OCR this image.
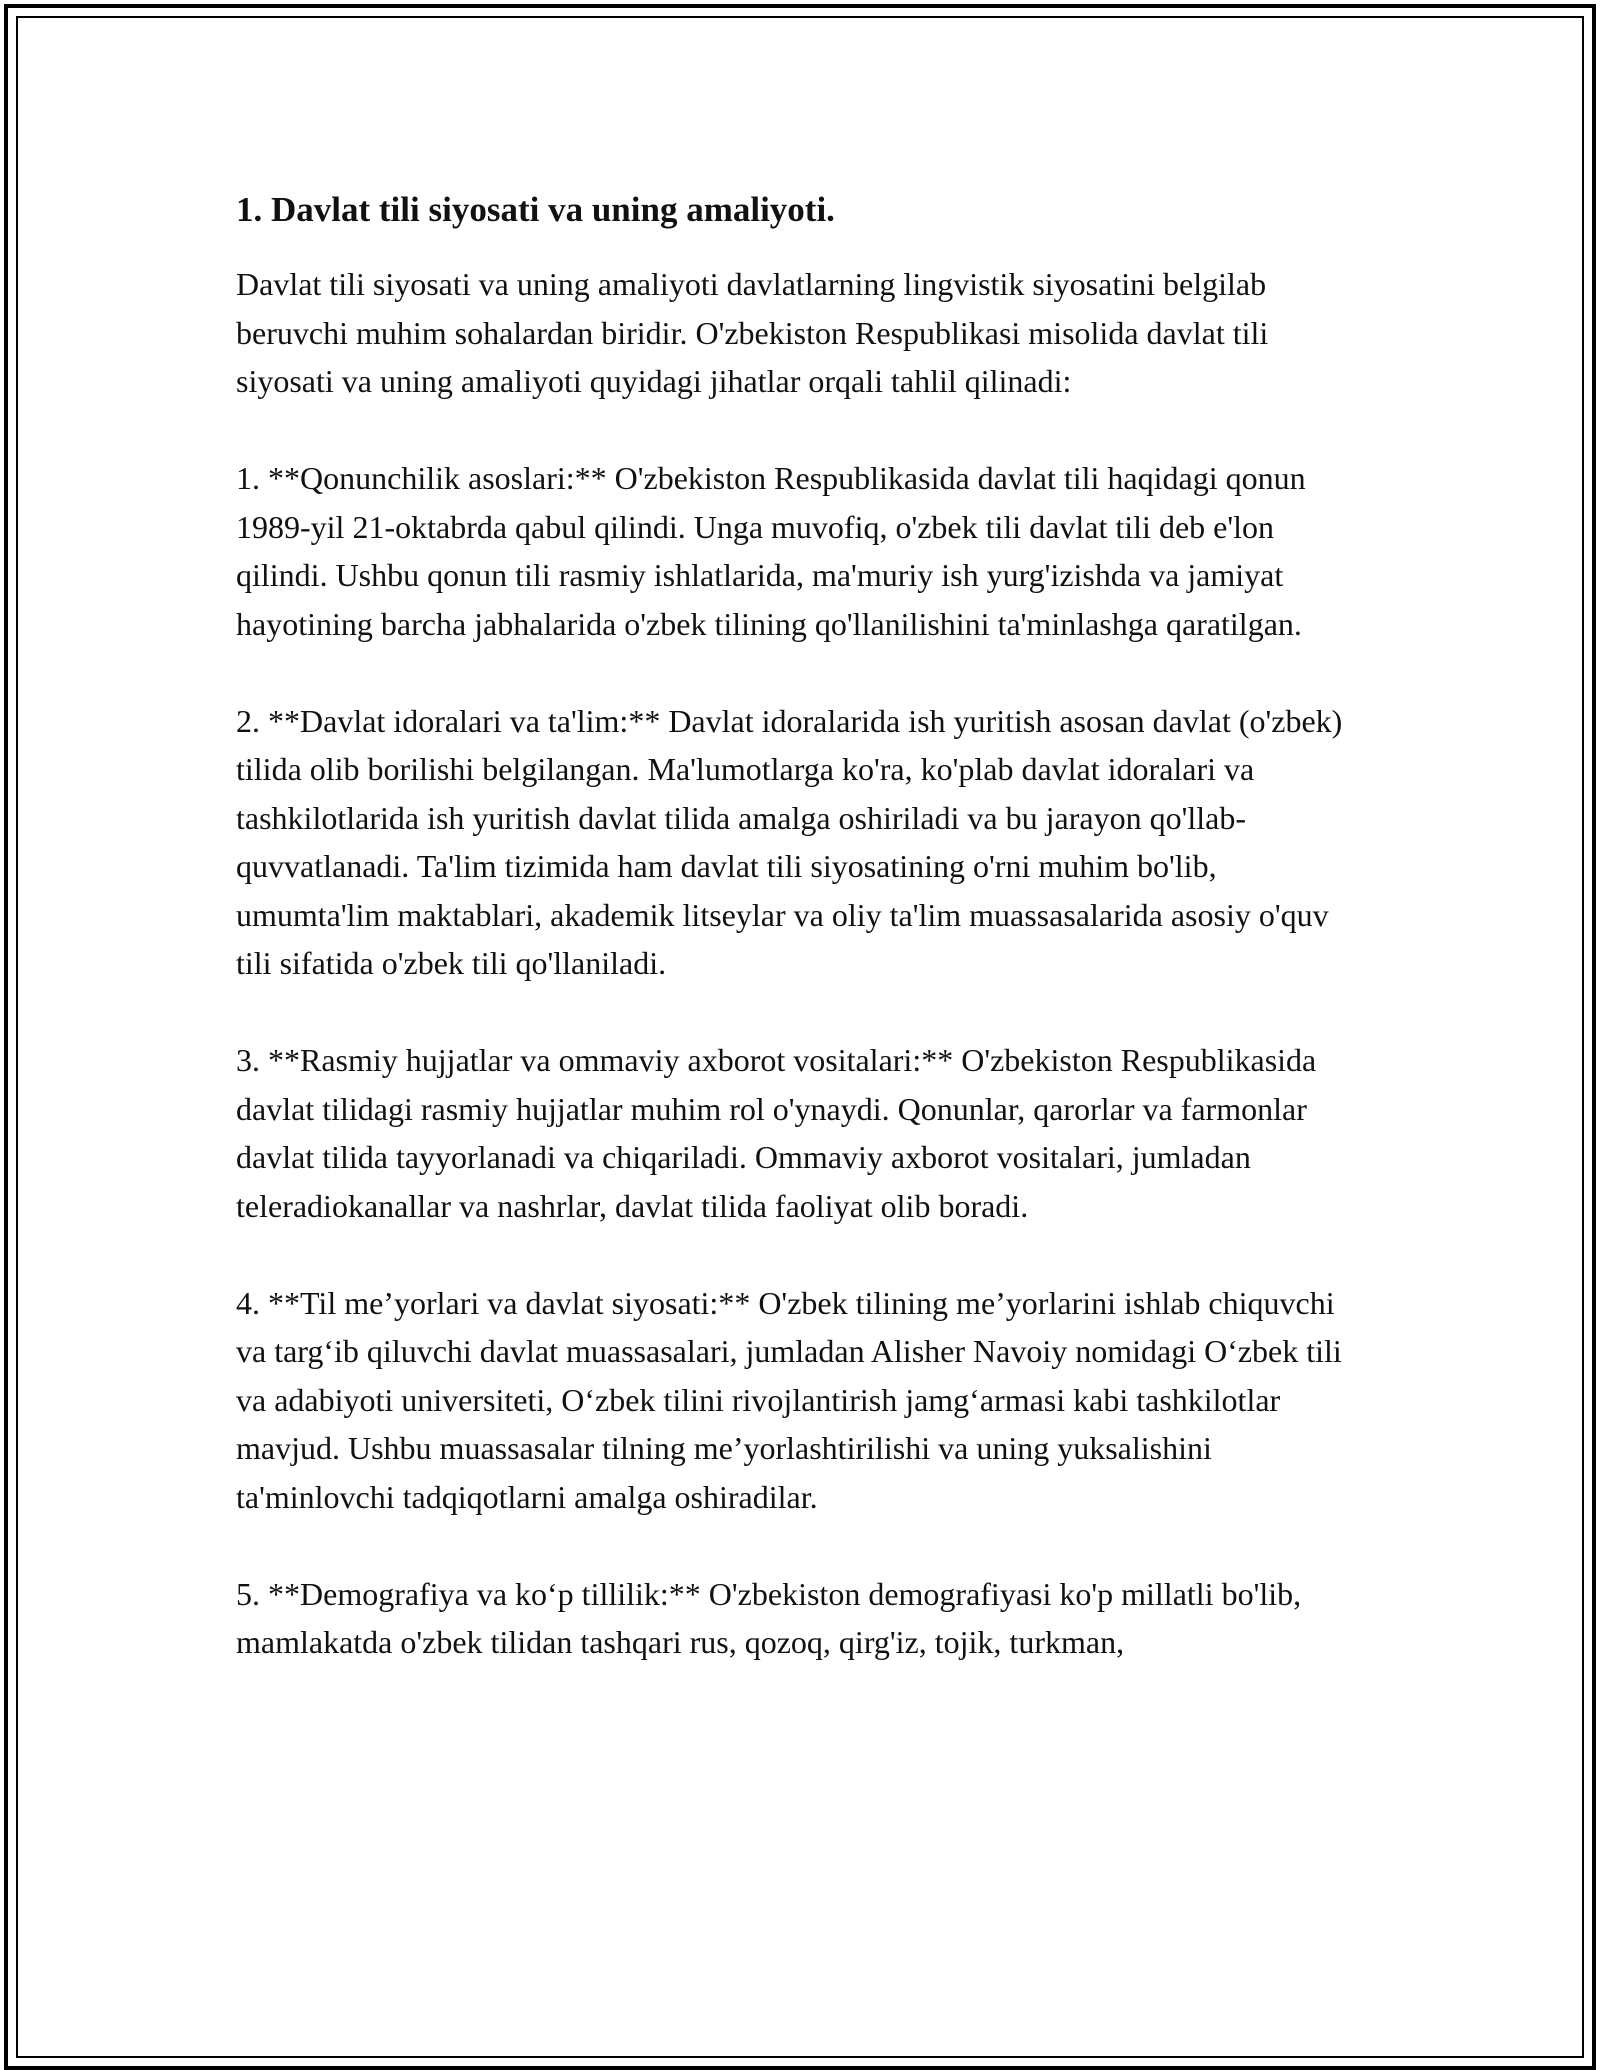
1. Davlat tili siyosati va uning amaliyoti.

Davlat tili siyosati va uning amaliyoti davlatlarning lingvistik siyosatini belgilab beruvchi muhim sohalardan biridir. O'zbekiston Respublikasi misolida davlat tili siyosati va uning amaliyoti quyidagi jihatlar orqali tahlil qilinadi:

1. **Qonunchilik asoslari:** O'zbekiston Respublikasida davlat tili haqidagi qonun 1989-yil 21-oktabrda qabul qilindi. Unga muvofiq, o'zbek tili davlat tili deb e'lon qilindi. Ushbu qonun tili rasmiy ishlatlarida, ma'muriy ish yurg'izishda va jamiyat hayotining barcha jabhalarida o'zbek tilining qo'llanilishini ta'minlashga qaratilgan.

2. **Davlat idoralari va ta'lim:** Davlat idoralarida ish yuritish asosan davlat (o'zbek) tilida olib borilishi belgilangan. Ma'lumotlarga ko'ra, ko'plab davlat idoralari va tashkilotlarida ish yuritish davlat tilida amalga oshiriladi va bu jarayon qo'llab-quvvatlanadi. Ta'lim tizimida ham davlat tili siyosatining o'rni muhim bo'lib, umumta'lim maktablari, akademik litseylar va oliy ta'lim muassasalarida asosiy o'quv tili sifatida o'zbek tili qo'llaniladi.

3. **Rasmiy hujjatlar va ommaviy axborot vositalari:** O'zbekiston Respublikasida davlat tilidagi rasmiy hujjatlar muhim rol o'ynaydi. Qonunlar, qarorlar va farmonlar davlat tilida tayyorlanadi va chiqariladi. Ommaviy axborot vositalari, jumladan teleradiokanallar va nashrlar, davlat tilida faoliyat olib boradi.

4. **Til me’yorlari va davlat siyosati:** O'zbek tilining me’yorlarini ishlab chiquvchi va targ‘ib qiluvchi davlat muassasalari, jumladan Alisher Navoiy nomidagi O‘zbek tili va adabiyoti universiteti, O‘zbek tilini rivojlantirish jamg‘armasi kabi tashkilotlar mavjud. Ushbu muassasalar tilning me’yorlashtirilishi va uning yuksalishini ta'minlovchi tadqiqotlarni amalga oshiradilar.

5. **Demografiya va ko‘p tillilik:** O'zbekiston demografiyasi ko'p millatli bo'lib, mamlakatda o'zbek tilidan tashqari rus, qozoq, qirg'iz, tojik, turkman,
